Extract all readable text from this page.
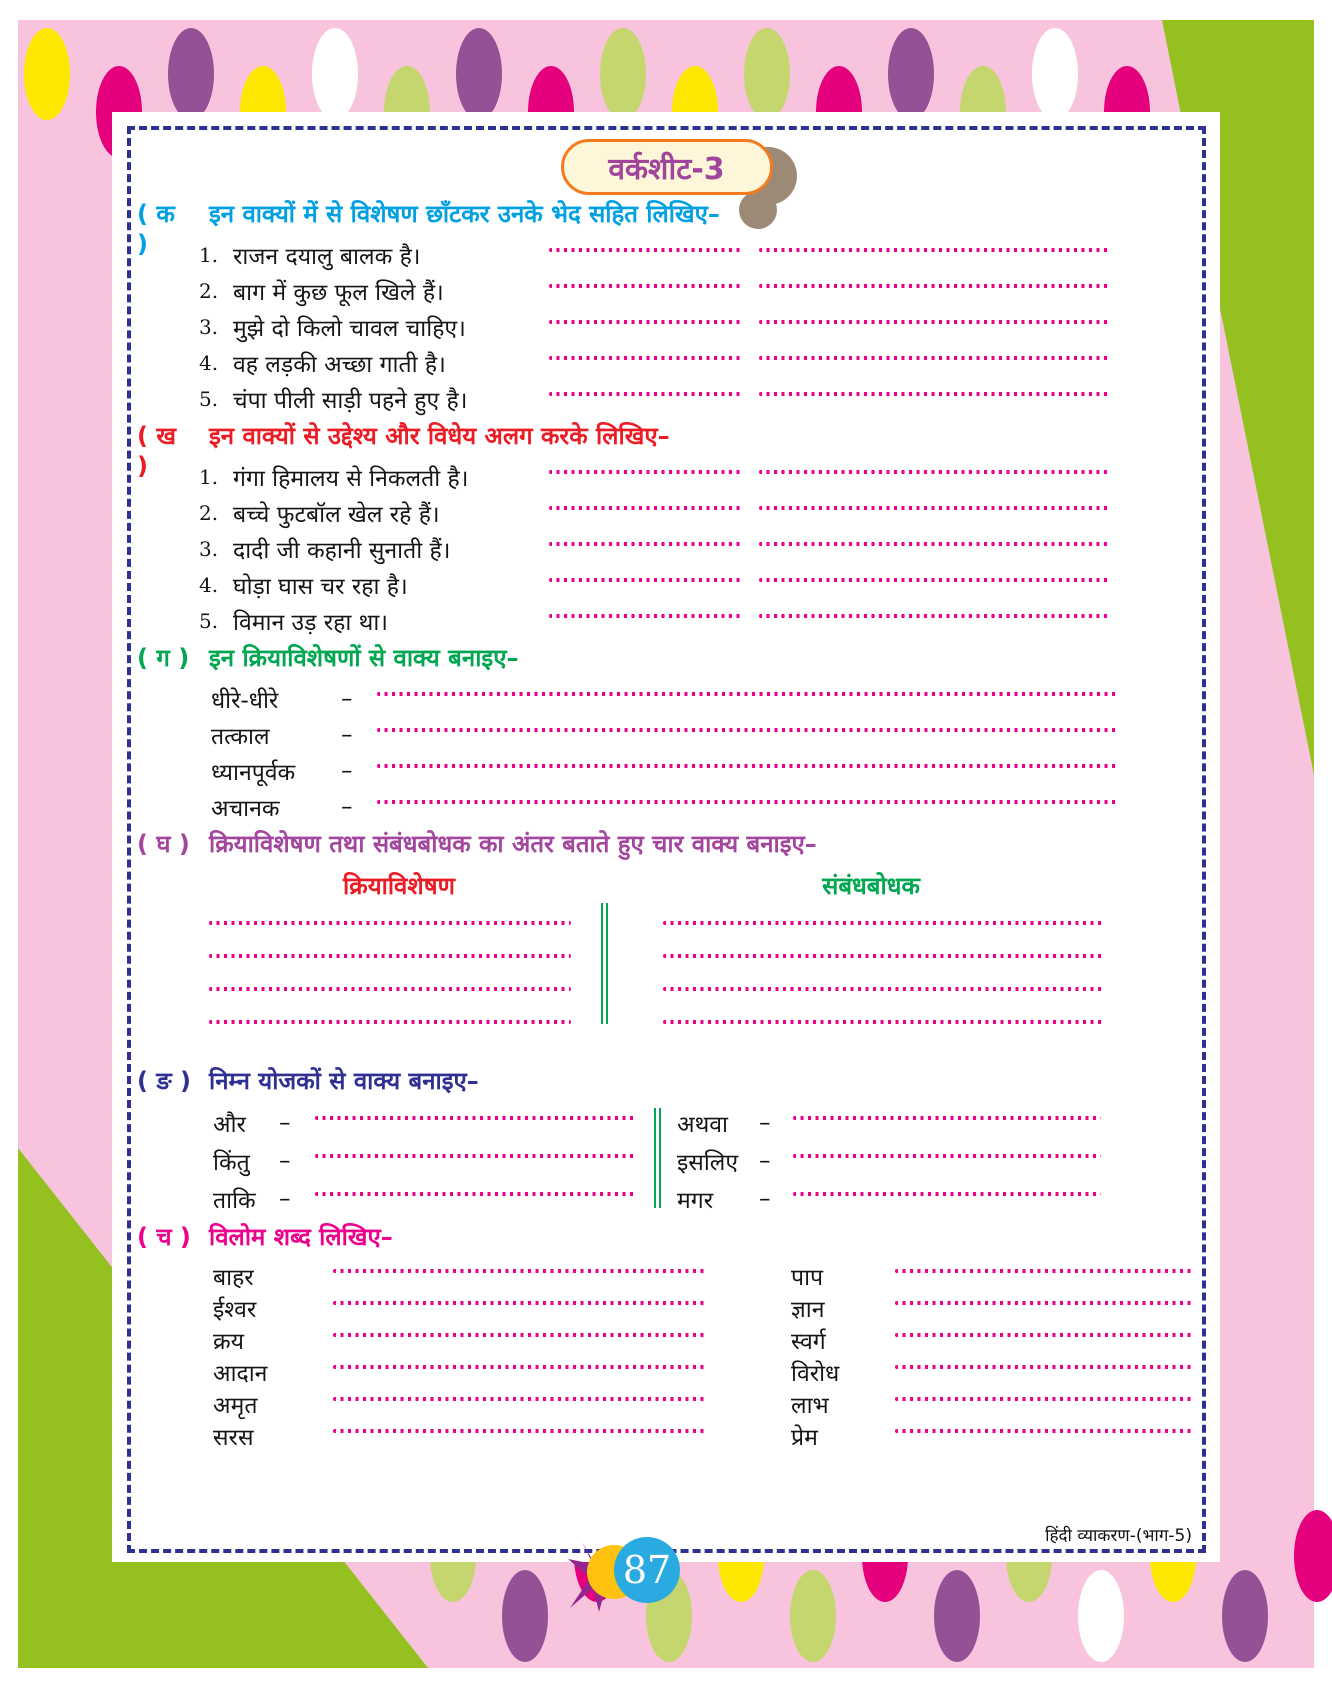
वर्कशीट-3
( क )
इन वाक्यों में से विशेषण छाँटकर उनके भेद सहित लिखिए–
1. राजन दयालु बालक है।
2. बाग में कुछ फूल खिले हैं।
3. मुझे दो किलो चावल चाहिए।
4. वह लड़की अच्छा गाती है।
5. चंपा पीली साड़ी पहने हुए है।
( ख )
इन वाक्यों से उद्देश्य और विधेय अलग करके लिखिए–
1. गंगा हिमालय से निकलती है।
2. बच्चे फुटबॉल खेल रहे हैं।
3. दादी जी कहानी सुनाती हैं।
4. घोड़ा घास चर रहा है।
5. विमान उड़ रहा था।
( ग ) इन क्रियाविशेषणों से वाक्य बनाइए–
धीरे-धीरे	–
तत्काल	–
ध्यानपूर्वक	–
अचानक	–
( घ ) क्रियाविशेषण तथा संबंधबोधक का अंतर बताते हुए चार वाक्य बनाइए–
क्रियाविशेषण	संबंधबोधक
( ङ ) निम्न योजकों से वाक्य बनाइए–
और	–	अथवा	–
किंतु	–	इसलिए –
ताकि	–	मगर	–
( च ) विलोम शब्द लिखिए–
बाहर	पाप
ईश्वर	ज्ञान
क्रय	स्वर्ग
आदान	विरोध
अमृत	लाभ
सरस	प्रेम
हिंदी व्याकरण-(भाग-5)
87
